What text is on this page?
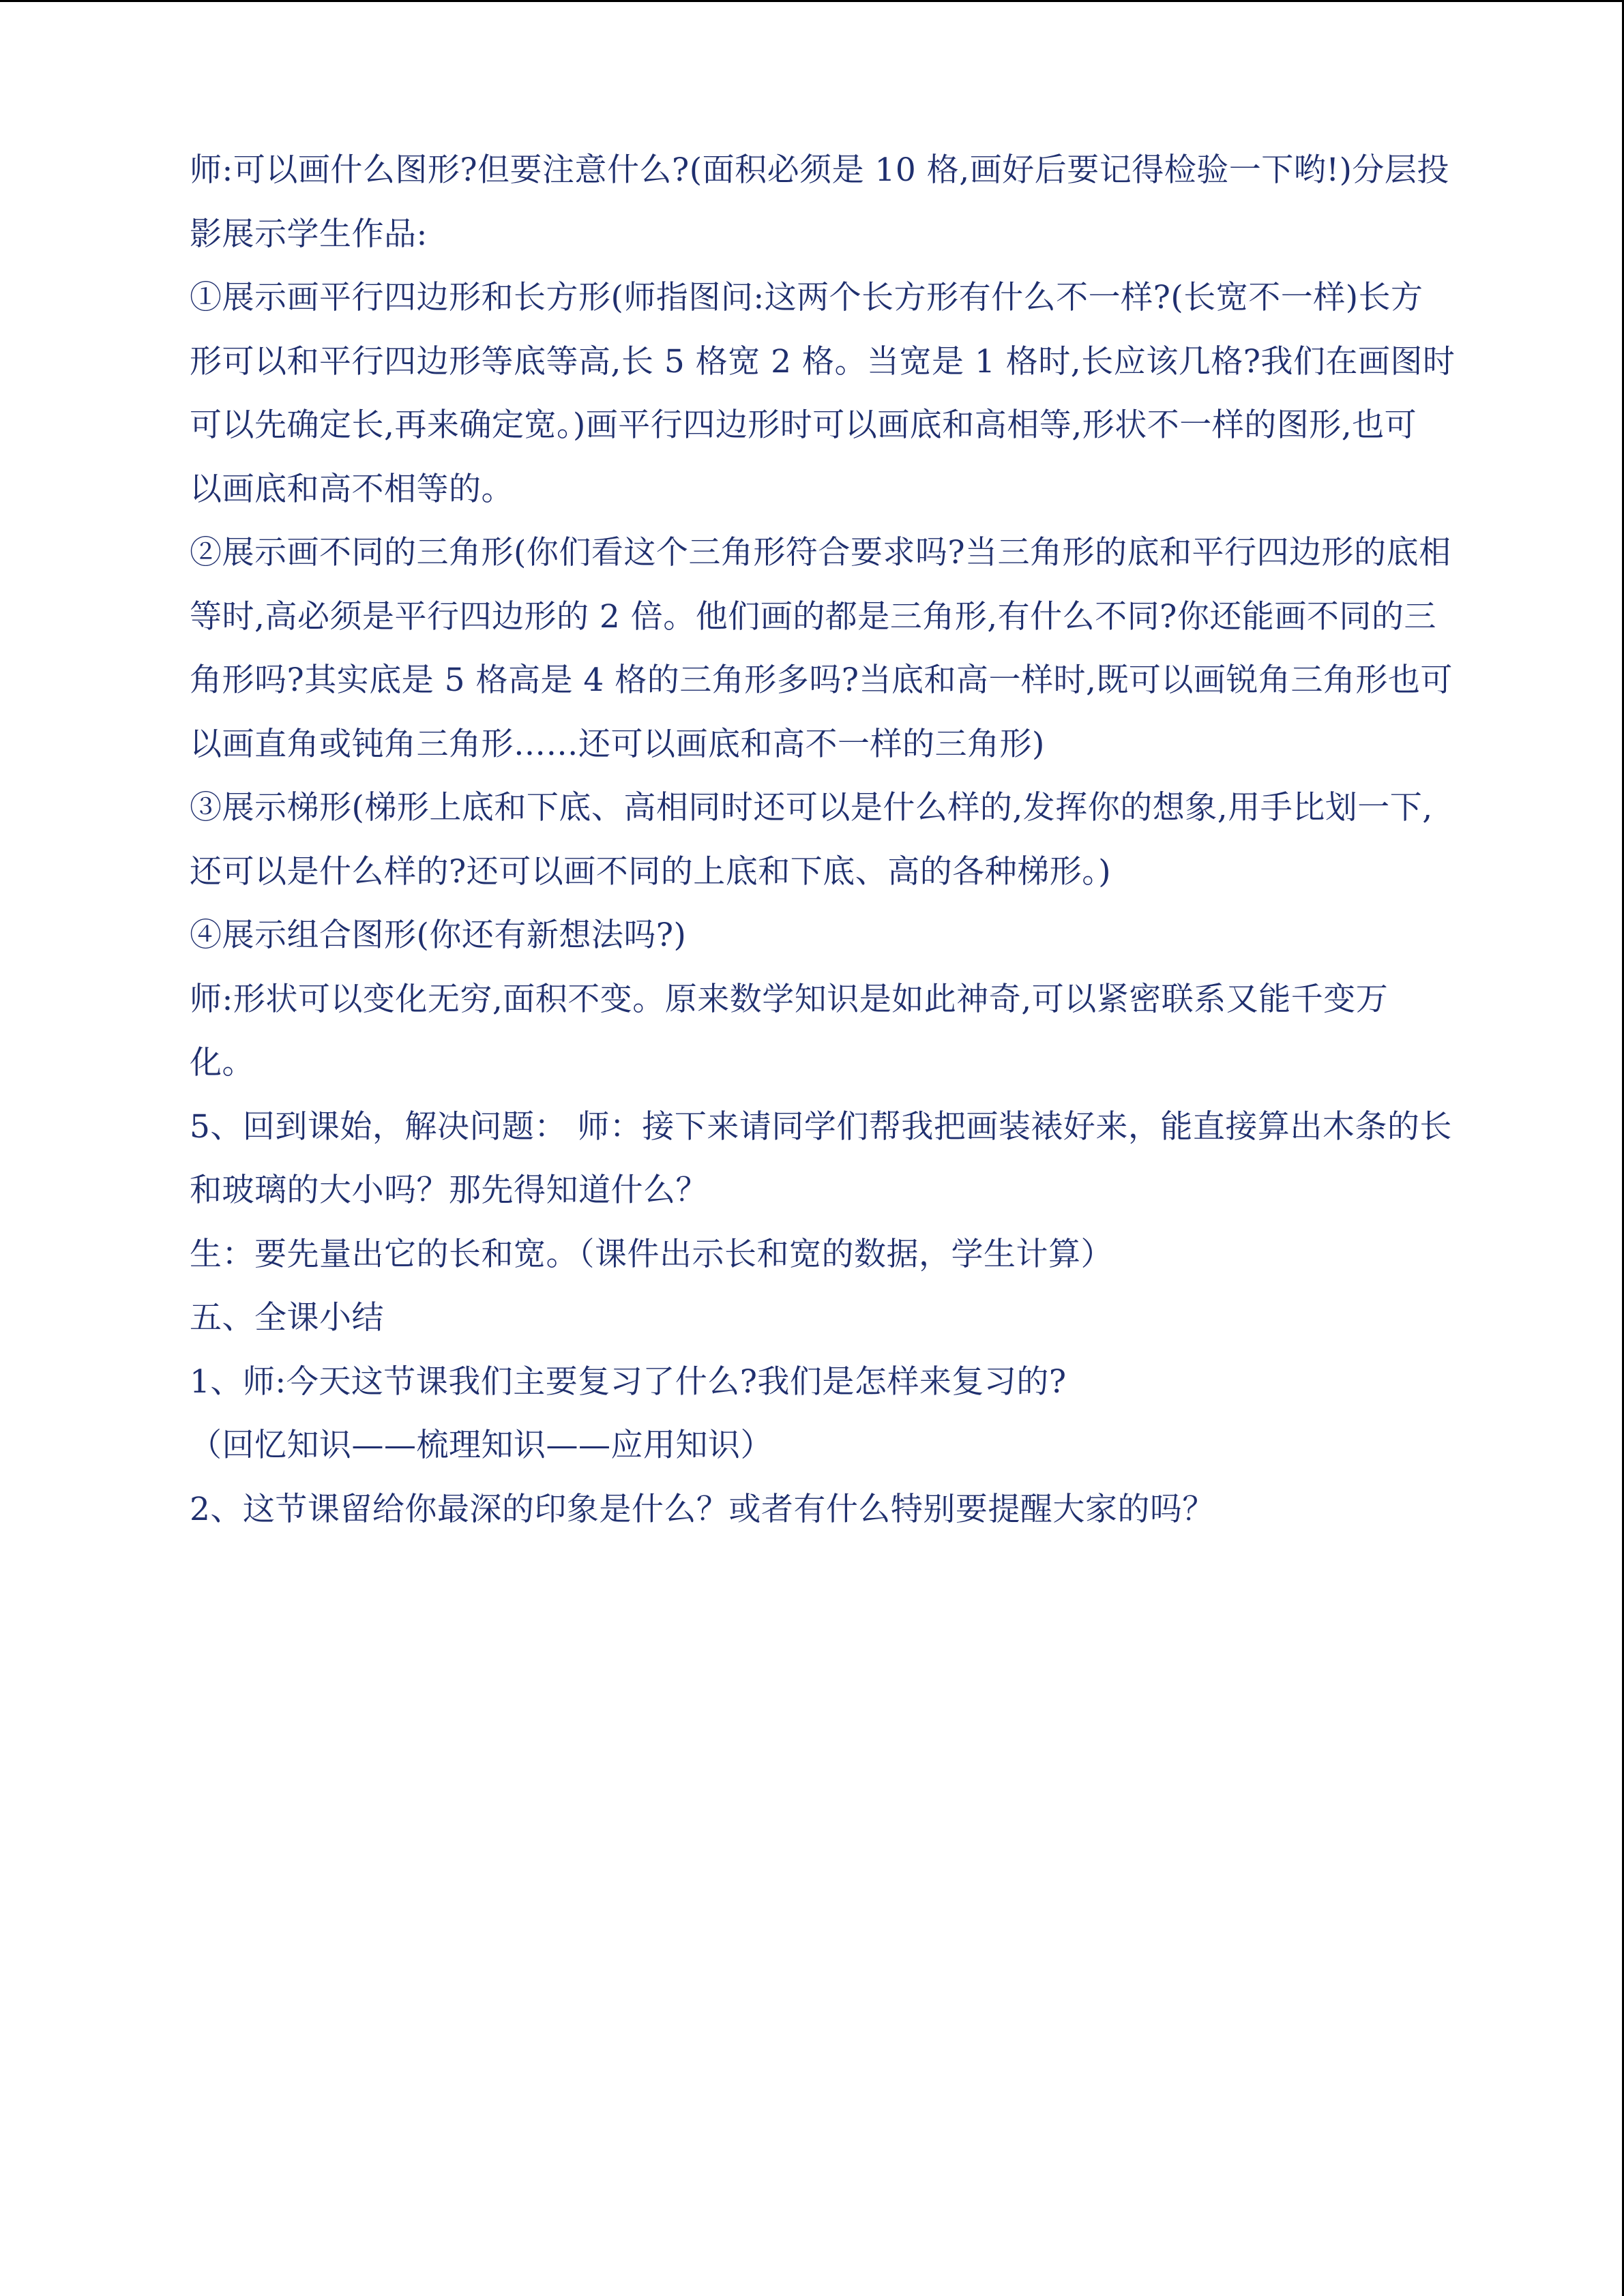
师:可以画什么图形?但要注意什么?(面积必须是 10 格,画好后要记得检验一下哟!)分层投
影展示学生作品:
①展示画平行四边形和长方形(师指图问:这两个长方形有什么不一样?(长宽不一样)长方
形可以和平行四边形等底等高,长 5 格宽 2 格。当宽是 1 格时,长应该几格?我们在画图时
可以先确定长,再来确定宽。)画平行四边形时可以画底和高相等,形状不一样的图形,也可
以画底和高不相等的。
②展示画不同的三角形(你们看这个三角形符合要求吗?当三角形的底和平行四边形的底相
等时,高必须是平行四边形的 2 倍。他们画的都是三角形,有什么不同?你还能画不同的三
角形吗?其实底是 5 格高是 4 格的三角形多吗?当底和高一样时,既可以画锐角三角形也可
以画直角或钝角三角形……还可以画底和高不一样的三角形)
③展示梯形(梯形上底和下底、高相同时还可以是什么样的,发挥你的想象,用手比划一下,
还可以是什么样的?还可以画不同的上底和下底、高的各种梯形。)
④展示组合图形(你还有新想法吗?)
师:形状可以变化无穷,面积不变。原来数学知识是如此神奇,可以紧密联系又能千变万
化。
5、回到课始，解决问题： 师：接下来请同学们帮我把画装裱好来，能直接算出木条的长
和玻璃的大小吗？那先得知道什么？
生：要先量出它的长和宽。（课件出示长和宽的数据，学生计算）
五、全课小结
1、师:今天这节课我们主要复习了什么?我们是怎样来复习的?
（回忆知识——梳理知识——应用知识）
2、这节课留给你最深的印象是什么？或者有什么特别要提醒大家的吗？
